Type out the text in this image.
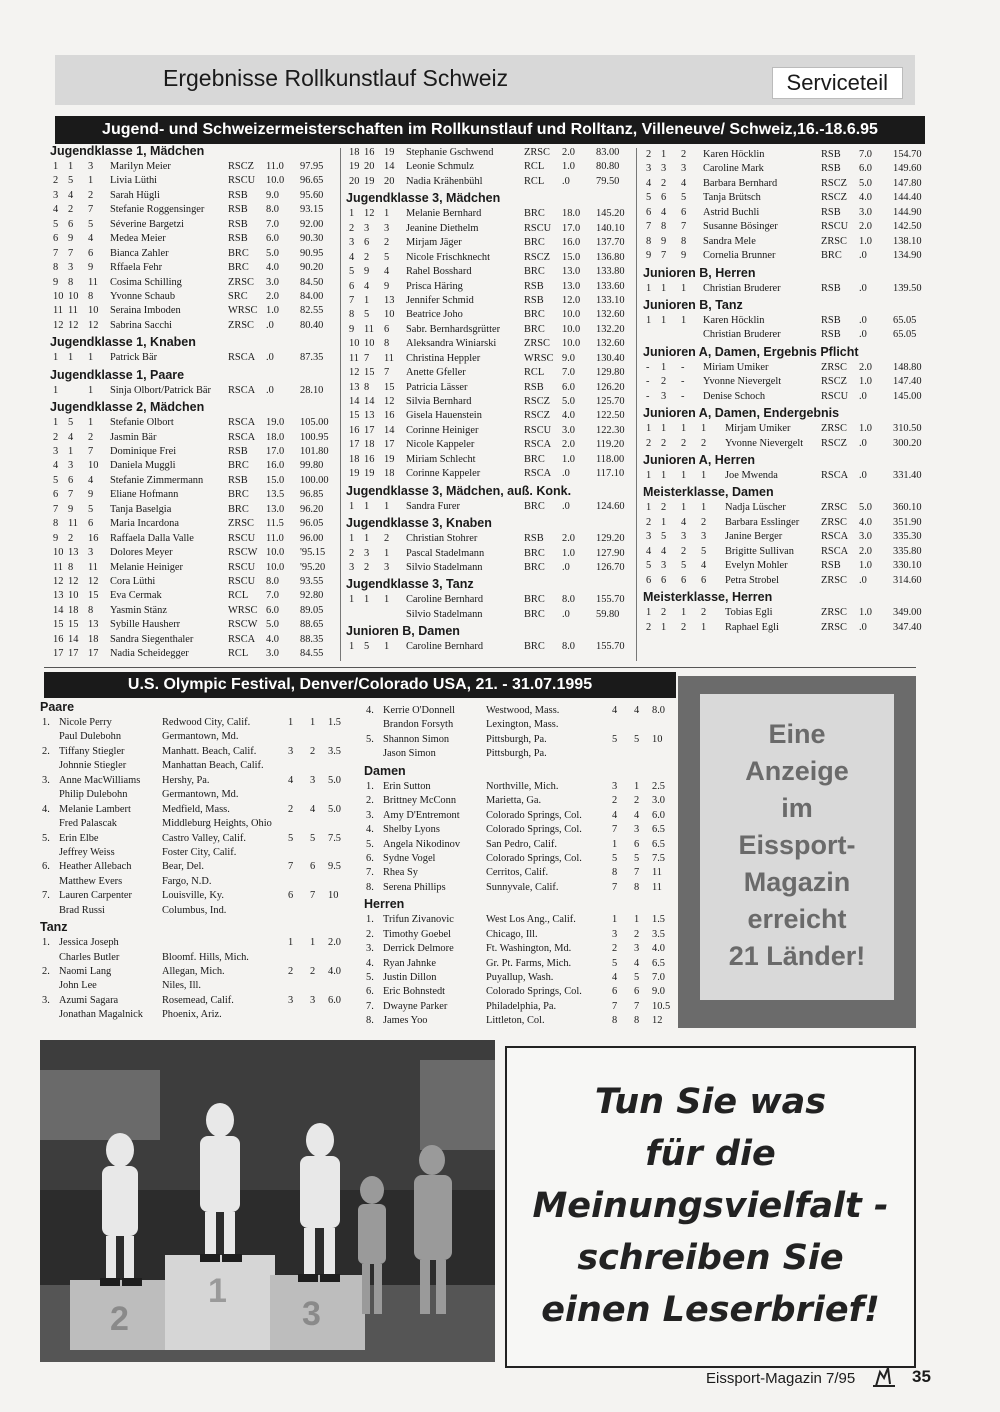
Ergebnisse Rollkunstlauf Schweiz	Serviceteil
Jugend- und Schweizermeisterschaften im Rollkunstlauf und Rolltanz, Villeneuve/ Schweiz,16.-18.6.95
Jugendklasse 1, Mädchen
1 1 3 Marilyn Meier	RSCZ 11.0 97.95
2 5 1 Livia Lüthi	RSCU 10.0 96.65
3 4 2 Sarah Hügli	RSB 9.0 95.60
4 2 7 Stefanie Roggensinger RSB 8.0 93.15
5 6 5 Séverine Bargetzi	RSB 7.0 92.00
6 9 4 Medea Meier	RSB 6.0 90.30
7 7 6 Bianca Zahler	BRC 5.0 90.95
8 3 9 Rffaela Fehr	BRC 4.0 90.20
9 8 11 Cosima Schilling	ZRSC 3.0 84.50
10 10 8 Yvonne Schaub	SRC 2.0 84.00
11 11 10 Seraina Imboden	WRSC 1.0 82.55
12 12 12 Sabrina Sacchi	ZRSC .0	80.40
Jugendklasse 1, Knaben
1 1 1 Patrick Bär	RSCA .0	87.35
Jugendklasse 1, Paare
1	1 Sinja Olbort/Patrick Bär RSCA .0	28.10
Jugendklasse 2, Mädchen
1 5 1 Stefanie Olbort	RSCA 19.0 105.00
2 4 2 Jasmin Bär	RSCA 18.0 100.95
3 1 7 Dominique Frei	RSB 17.0 101.80
4 3 10 Daniela Muggli	BRC 16.0 99.80
5 6 4 Stefanie Zimmermann RSB 15.0 100.00
6 7 9 Eliane Hofmann	BRC 13.5 96.85
7 9 5 Tanja Baselgia	BRC 13.0 96.20
8 11 6 Maria Incardona	ZRSC 11.5 96.05
9 2 16 Raffaela Dalla Valle	RSCU 11.0 96.00
10 13 3 Dolores Meyer	RSCW 10.0 '95.15
11 8 11 Melanie Heiniger	RSCU 10.0 '95.20
12 12 12 Cora Lüthi	RSCU 8.0 93.55
13 10 15 Eva Cermak	RCL 7.0 92.80
14 18 8 Yasmin Stänz	WRSC 6.0 89.05
15 15 13 Sybille Hausherr	RSCW 5.0 88.65
16 14 18 Sandra Siegenthaler	RSCA 4.0 88.35
17 17 17 Nadia Scheidegger	RCL 3.0 84.55
18 16 19 Stephanie Gschwend	ZRSC 2.0 83.00
19 20 14 Leonie Schmulz	RCL 1.0 80.80
20 19 20 Nadia Krähenbühl	RCL .0	79.50
Jugendklasse 3, Mädchen
1 12 1 Melanie Bernhard	BRC 18.0 145.20
2 3 3 Jeanine Diethelm	RSCU 17.0 140.10
3 6 2 Mirjam Jäger	BRC 16.0 137.70
4 2 5 Nicole Frischknecht	RSCZ 15.0 136.80
5 9 4 Rahel Bosshard	BRC 13.0 133.80
6 4 9 Prisca Häring	RSB 13.0 133.60
7 1 13 Jennifer Schmid	RSB 12.0 133.10
8 5 10 Beatrice Joho	BRC 10.0 132.60
9 11 6 Sabr. Bernhardsgrütter BRC 10.0 132.20
10 10 8 Aleksandra Winiarski	ZRSC 10.0 132.60
11 7 11 Christina Heppler	WRSC 9.0 130.40
12 15 7 Anette Gfeller	RCL 7.0 129.80
13 8 15 Patricia Lässer	RSB 6.0 126.20
14 14 12 Silvia Bernhard	RSCZ 5.0 125.70
15 13 16 Gisela Hauenstein	RSCZ 4.0 122.50
16 17 14 Corinne Heiniger	RSCU 3.0 122.30
17 18 17 Nicole Kappeler	RSCA 2.0 119.20
18 16 19 Miriam Schlecht	BRC 1.0 118.00
19 19 18 Corinne Kappeler	RSCA .0	117.10
Jugendklasse 3, Mädchen, auß. Konk.
1 1 1 Sandra Furer	BRC .0	124.60
Jugendklasse 3, Knaben
1 1 2 Christian Stohrer	RSB 2.0 129.20
2 3 1 Pascal Stadelmann	BRC 1.0 127.90
3 2 3 Silvio Stadelmann	BRC .0	126.70
Jugendklasse 3, Tanz
1 1 1 Caroline Bernhard	BRC 8.0 155.70
Silvio Stadelmann	BRC .0	59.80
Junioren B, Damen
1 5 1 Caroline Bernhard	BRC 8.0 155.70
2 1 2 Karen Höcklin	RSB 7.0 154.70
3 3 3 Caroline Mark	RSB 6.0 149.60
4 2 4 Barbara Bernhard	RSCZ 5.0 147.80
5 6 5 Tanja Brütsch	RSCZ 4.0 144.40
6 4 6 Astrid Buchli	RSB 3.0 144.90
7 8 7 Susanne Bösinger	RSCU 2.0 142.50
8 9 8 Sandra Mele	ZRSC 1.0 138.10
9 7 9 Cornelia Brunner	BRC .0	134.90
Junioren B, Herren
1 1 1 Christian Bruderer	RSB .0	139.50
Junioren B, Tanz
1 1 1 Karen Höcklin	RSB .0	65.05
Christian Bruderer	RSB .0	65.05
Junioren A, Damen, Ergebnis Pflicht
- 1 - Miriam Umiker	ZRSC 2.0 148.80
- 2 - Yvonne Nievergelt	RSCZ 1.0 147.40
- 3 - Denise Schoch	RSCU .0	145.00
Junioren A, Damen, Endergebnis
1 1 1 1 Mirjam Umiker	ZRSC 1.0 310.50
2 2 2 2 Yvonne Nievergelt RSCZ .0	300.20
Junioren A, Herren
1 1 1 1 Joe Mwenda	RSCA .0	331.40
Meisterklasse, Damen
1 2 1 1 Nadja Lüscher	ZRSC 5.0 360.10
2 1 4 2 Barbara Esslinger ZRSC 4.0 351.90
3 5 3 3 Janine Berger	RSCA 3.0 335.30
4 4 2 5 Brigitte Sullivan	RSCA 2.0 335.80
5 3 5 4 Evelyn Mohler	RSB 1.0 330.10
6 6 6 6 Petra Strobel	ZRSC .0	314.60
Meisterklasse, Herren
1 2 1 2 Tobias Egli	ZRSC 1.0 349.00
2 1 2 1 Raphael Egli	ZRSC .0	347.40
U.S. Olympic Festival, Denver/Colorado USA, 21. - 31.07.1995
Paare
1. Nicole Perry	Redwood City, Calif.	1 1 1.5
Paul Dulebohn	Germantown, Md.
2. Tiffany Stiegler	Manhatt. Beach, Calif.	3 2 3.5
Johnnie Stiegler	Manhattan Beach, Calif.
3. Anne MacWilliams Hershy, Pa.	4 3 5.0
Philip Dulebohn	Germantown, Md.
4. Melanie Lambert	Medfield, Mass.	2 4 5.0
Fred Palascak	Middleburg Heights, Ohio
5. Erin Elbe	Castro Valley, Calif.	5 5 7.5
Jeffrey Weiss	Foster City, Calif.
6. Heather Allebach	Bear, Del.	7 6 9.5
Matthew Evers	Fargo, N.D.
7. Lauren Carpenter	Louisville, Ky.	6 7 10
Brad Russi	Columbus, Ind.
Tanz
1. Jessica Joseph	1 1 2.0
Charles Butler	Bloomf. Hills, Mich.
2. Naomi Lang	Allegan, Mich.	2 2 4.0
John Lee	Niles, Ill.
3. Azumi Sagara	Rosemead, Calif.	3 3 6.0
Jonathan Magalnick Phoenix, Ariz.
4. Kerrie O'Donnell	Westwood, Mass.	4 4 8.0
Brandon Forsyth	Lexington, Mass.
5. Shannon Simon	Pittsburgh, Pa.	5 5 10
Jason Simon	Pittsburgh, Pa.
Damen
1. Erin Sutton	Northville, Mich.	3 1 2.5
2. Brittney McConn	Marietta, Ga.	2 2 3.0
3. Amy D'Entremont	Colorado Springs, Col.	4 4 6.0
4. Shelby Lyons	Colorado Springs, Col.	7 3 6.5
5. Angela Nikodinov San Pedro, Calif.	1 6 6.5
6. Sydne Vogel	Colorado Springs, Col.	5 5 7.5
7. Rhea Sy	Cerritos, Calif.	8 7 11
8. Serena Phillips	Sunnyvale, Calif.	7 8 11
Herren
1. Trifun Zivanovic	West Los Ang., Calif.	1 1 1.5
2. Timothy Goebel	Chicago, Ill.	3 2 3.5
3. Derrick Delmore	Ft. Washington, Md.	2 3 4.0
4. Ryan Jahnke	Gr. Pt. Farms, Mich.	5 4 6.5
5. Justin Dillon	Puyallup, Wash.	4 5 7.0
6. Eric Bohnstedt	Colorado Springs, Col.	6 6 9.0
7. Dwayne Parker	Philadelphia, Pa.	7 7 10.5
8. James Yoo	Littleton, Col.	8 8 12
Eine
Anzeige
im
Eissport-
Magazin
erreicht
21 Länder!
2
1
3
Tun Sie was
für die
Meinungsvielfalt -
schreiben Sie
einen Leserbrief!
Eissport-Magazin 7/95	35
